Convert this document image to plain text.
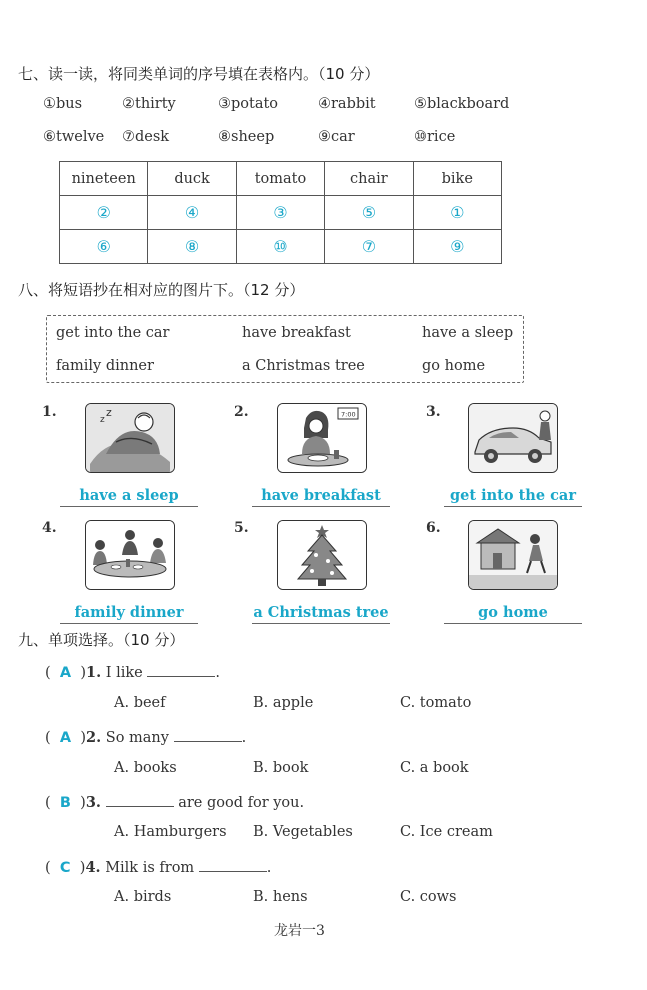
七、读一读，将同类单词的序号填在表格内。（10 分）
①bus	②thirty	③potato	④rabbit	⑤blackboard
⑥twelve ⑦desk	⑧sheep	⑨car	⑩rice
nineteen	duck	tomato	chair	bike
②	④	③	⑤	①
⑥	⑧	⑩	⑦	⑨
八、将短语抄在相对应的图片下。（12 分）
get into the car	have breakfast	have a sleep
family dinner	a Christmas tree	go home
1.	z
z
have a sleep
2.	7:00
have breakfast
3.
get into the car
4.
family dinner
5.
a Christmas tree
6.
go home
九、单项选择。（10 分）
(  A  )1. I like	.
A. beef	B. apple	C. tomato
(  A  )2. So many	.
A. books	B. book	C. a book
(  B  )3.	are good for you.
A. Hamburgers B. Vegetables	C. Ice cream
(  C  )4. Milk is from	.
A. birds	B. hens	C. cows
龙岩一3
